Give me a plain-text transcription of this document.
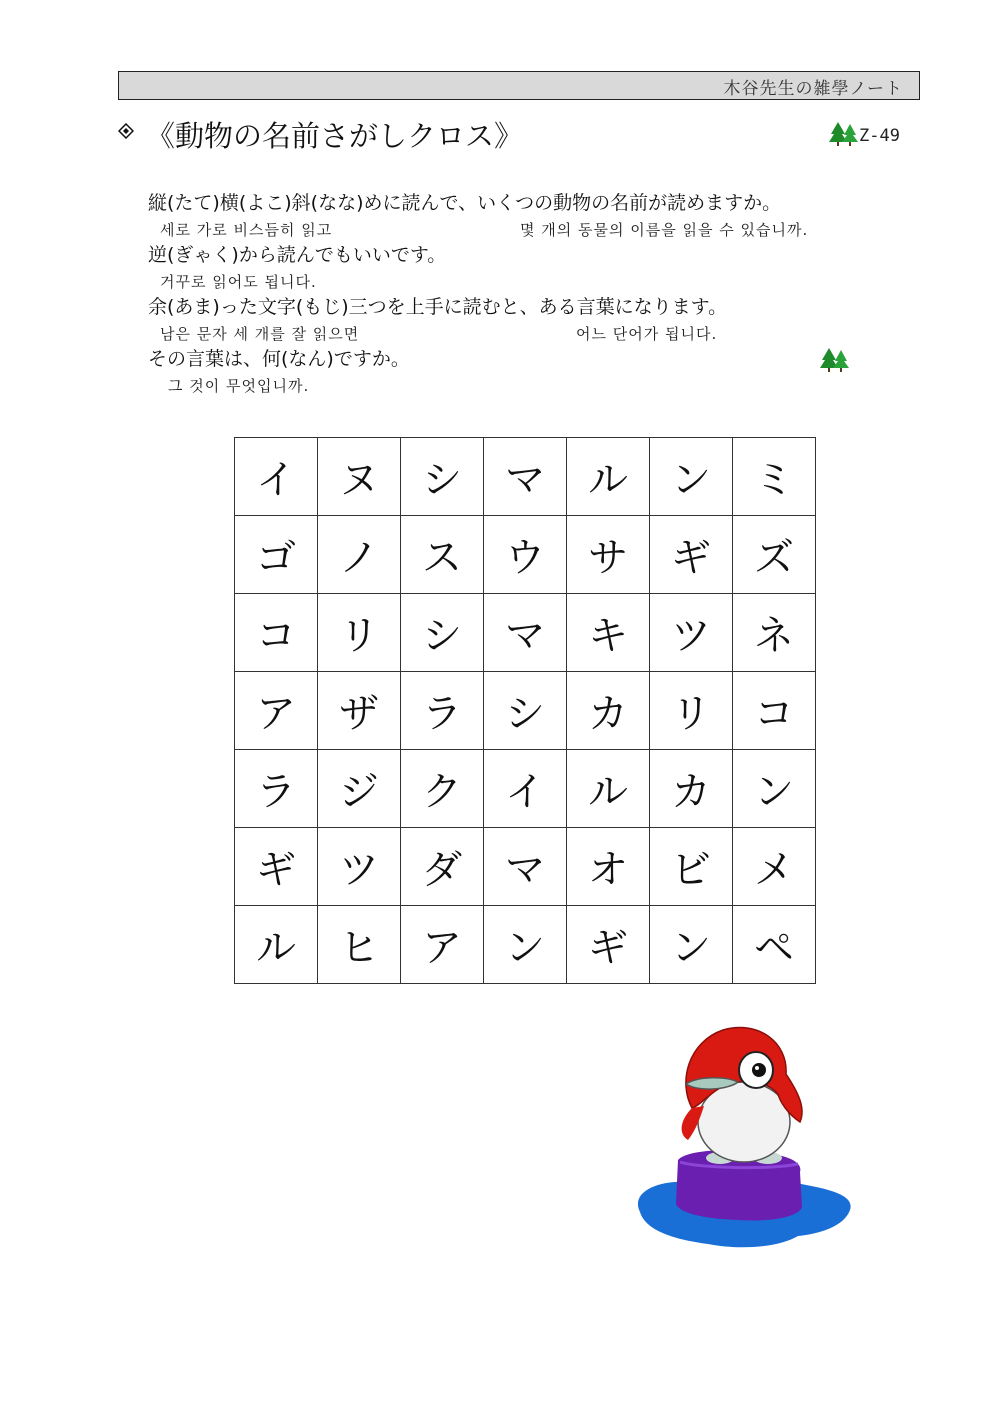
木谷先生の雑學ノート
《動物の名前さがしクロス》	Z-49
縦(たて)横(よこ)斜(なな)めに読んで、いくつの動物の名前が読めますか。
세로 가로 비스듬히 읽고	몇 개의 동물의 이름을 읽을 수 있습니까.
逆(ぎゃく)から読んでもいいです。
거꾸로 읽어도 됩니다.
余(あま)った文字(もじ)三つを上手に読むと、ある言葉になります。
남은 문자 세 개를 잘 읽으면	어느 단어가 됩니다.
その言葉は、何(なん)ですか。
그 것이 무엇입니까.
イ	ヌ	シ	マ	ル	ン	ミ
ゴ	ノ	ス	ウ	サ	ギ	ズ
コ	リ	シ	マ	キ	ツ	ネ
ア	ザ	ラ	シ	カ	リ	コ
ラ	ジ	ク	イ	ル	カ	ン
ギ	ツ	ダ	マ	オ	ビ	メ
ル	ヒ	ア	ン	ギ	ン	ペ
